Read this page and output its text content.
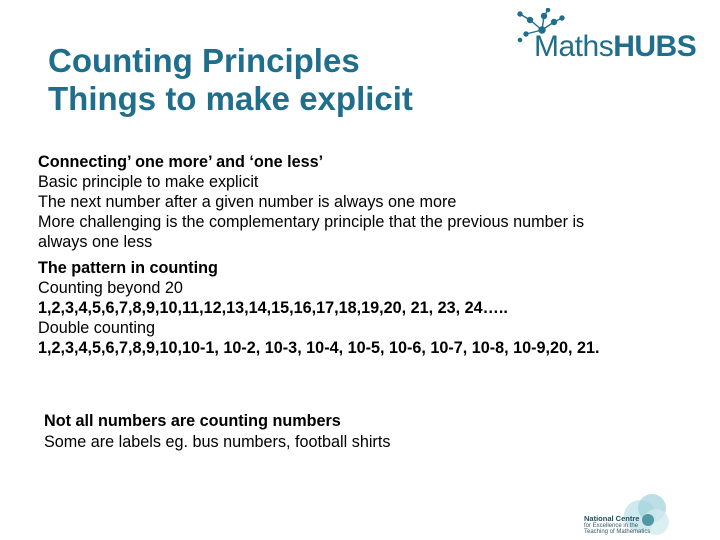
Counting Principles
Things to make explicit
MathsHUBS
Connecting’ one more’ and ‘one less’
Basic principle to make explicit
The next number after a given number is always one more
More challenging is the complementary principle that the previous number is
always one less
The pattern in counting
Counting beyond 20
1,2,3,4,5,6,7,8,9,10,11,12,13,14,15,16,17,18,19,20, 21, 23, 24…..
Double counting
1,2,3,4,5,6,7,8,9,10,10-1, 10-2, 10-3, 10-4, 10-5, 10-6, 10-7, 10-8, 10-9,20, 21.
Not all numbers are counting numbers
Some are labels eg. bus numbers, football shirts
National Centre
for Excellence in the
Teaching of Mathematics
